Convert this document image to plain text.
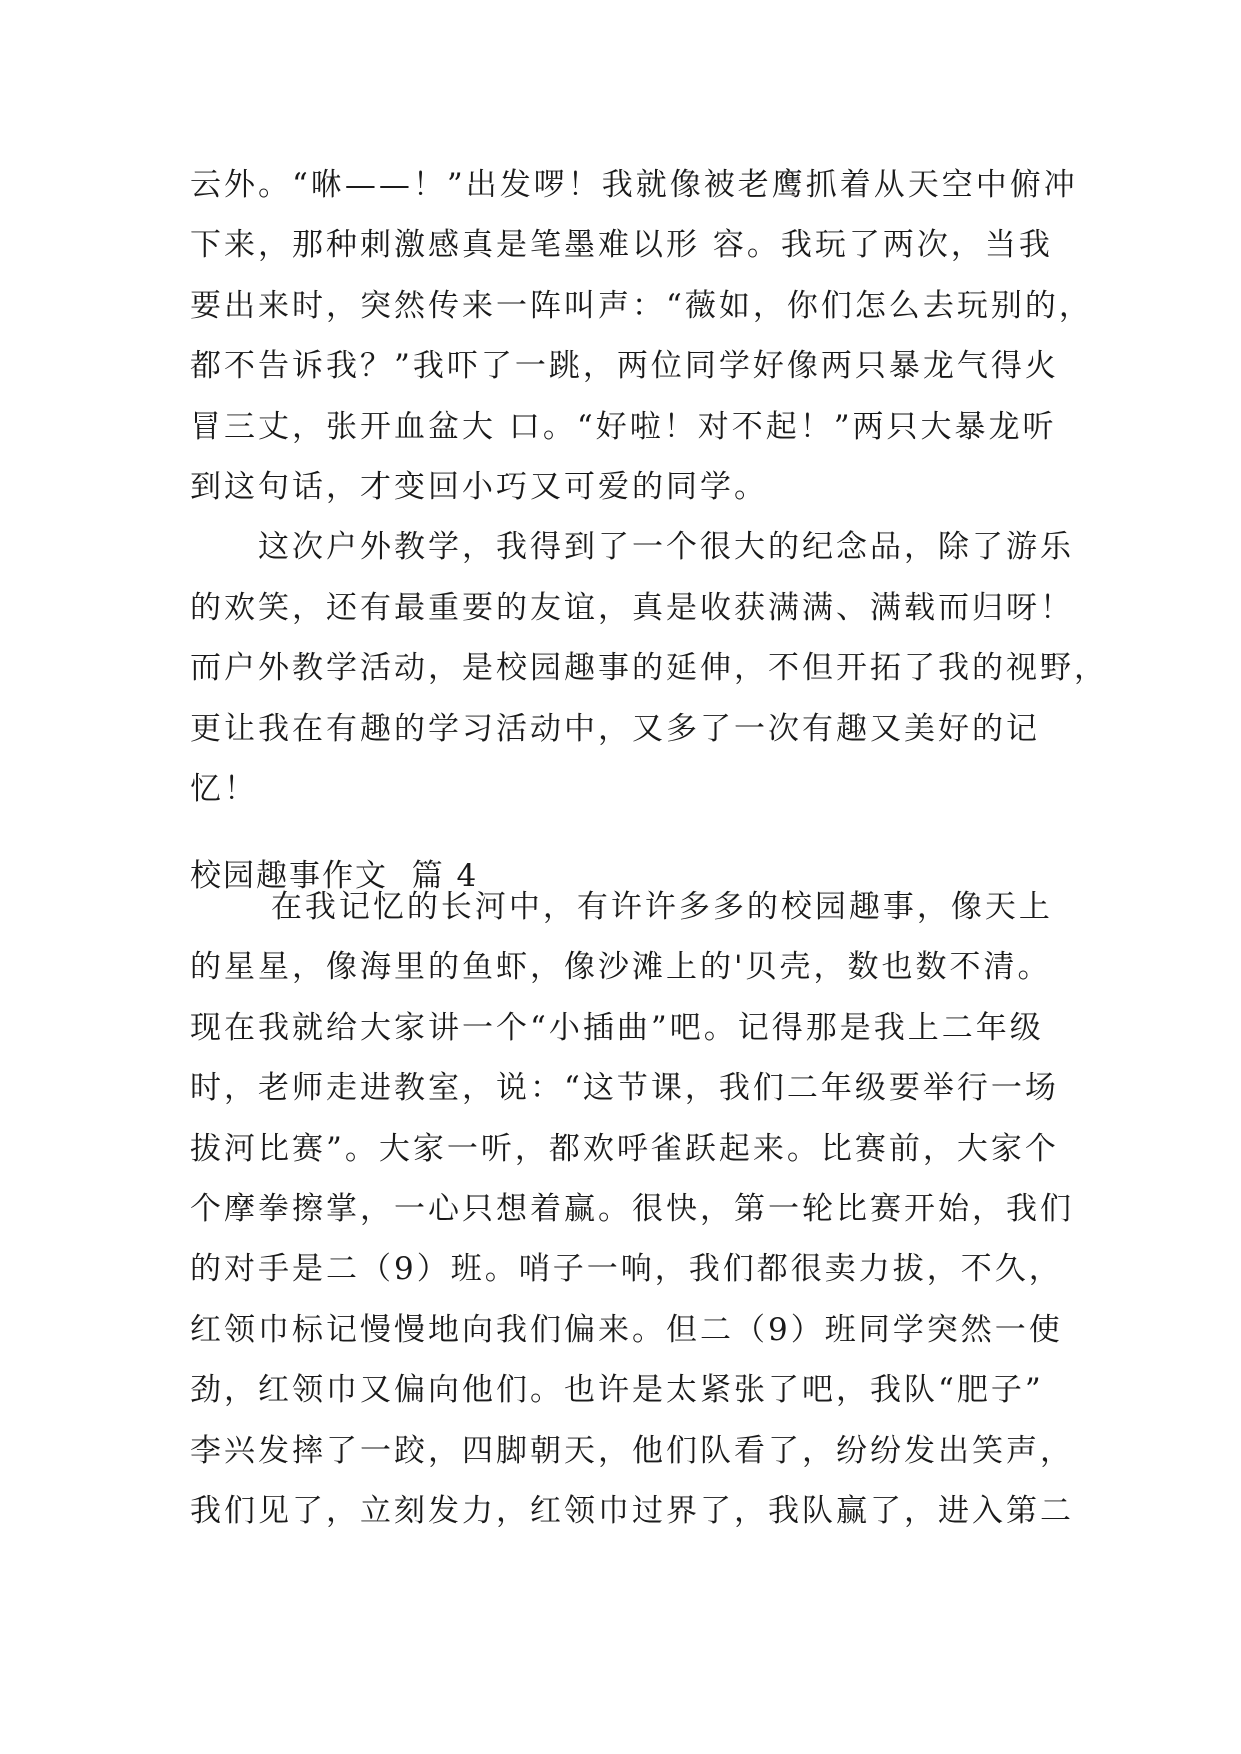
云外。“咻——！”出发啰！我就像被老鹰抓着从天空中俯冲
下来，那种刺激感真是笔墨难以形 容。我玩了两次，当我
要出来时，突然传来一阵叫声：“薇如，你们怎么去玩别的，
都不告诉我？”我吓了一跳，两位同学好像两只暴龙气得火
冒三丈，张开血盆大 口。“好啦！对不起！”两只大暴龙听
到这句话，才变回小巧又可爱的同学。
　　这次户外教学，我得到了一个很大的纪念品，除了游乐
的欢笑，还有最重要的友谊，真是收获满满、满载而归呀！
而户外教学活动，是校园趣事的延伸，不但开拓了我的视野，
更让我在有趣的学习活动中，又多了一次有趣又美好的记
忆！
校园趣事作文  篇 4
　　 在我记忆的长河中，有许许多多的校园趣事，像天上
的星星，像海里的鱼虾，像沙滩上的'贝壳，数也数不清。
现在我就给大家讲一个“小插曲”吧。记得那是我上二年级
时，老师走进教室，说：“这节课，我们二年级要举行一场
拔河比赛”。大家一听，都欢呼雀跃起来。比赛前，大家个
个摩拳擦掌，一心只想着赢。很快，第一轮比赛开始，我们
的对手是二（9）班。哨子一响，我们都很卖力拔，不久，
红领巾标记慢慢地向我们偏来。但二（9）班同学突然一使
劲，红领巾又偏向他们。也许是太紧张了吧，我队“肥子”
李兴发摔了一跤，四脚朝天，他们队看了，纷纷发出笑声，
我们见了，立刻发力，红领巾过界了，我队赢了，进入第二
